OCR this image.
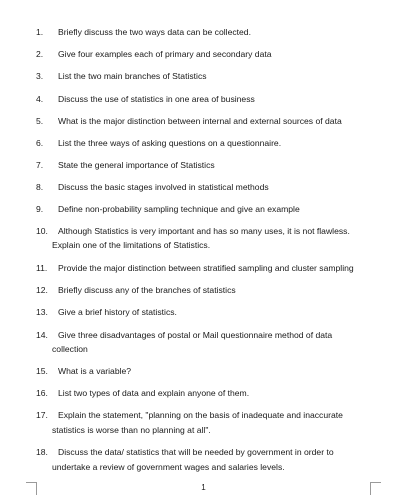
1.	Briefly discuss the two ways data can be collected.
2.	Give four examples each of primary and secondary data
3.	List the two main branches of Statistics
4.	Discuss the use of statistics in one area of business
5.	What is the major distinction between internal and external sources of data
6.	List the three ways of asking questions on a questionnaire.
7.	State the general importance of Statistics
8.	Discuss the basic stages involved in statistical methods
9.	Define non-probability sampling technique and give an example
10.	Although Statistics is very important and has so many uses, it is not flawless.
Explain one of the limitations of Statistics.
11.	Provide the major distinction between stratified sampling and cluster sampling
12.	Briefly discuss any of the branches of statistics
13.	Give a brief history of statistics.
14.	Give three disadvantages of postal or Mail questionnaire method of data
collection
15.	What is a variable?
16.	List two types of data and explain anyone of them.
17.	Explain the statement, "planning on the basis of inadequate and inaccurate
statistics is worse than no planning at all".
18.	Discuss the data/ statistics that will be needed by government in order to
undertake a review of government wages and salaries levels.
1
